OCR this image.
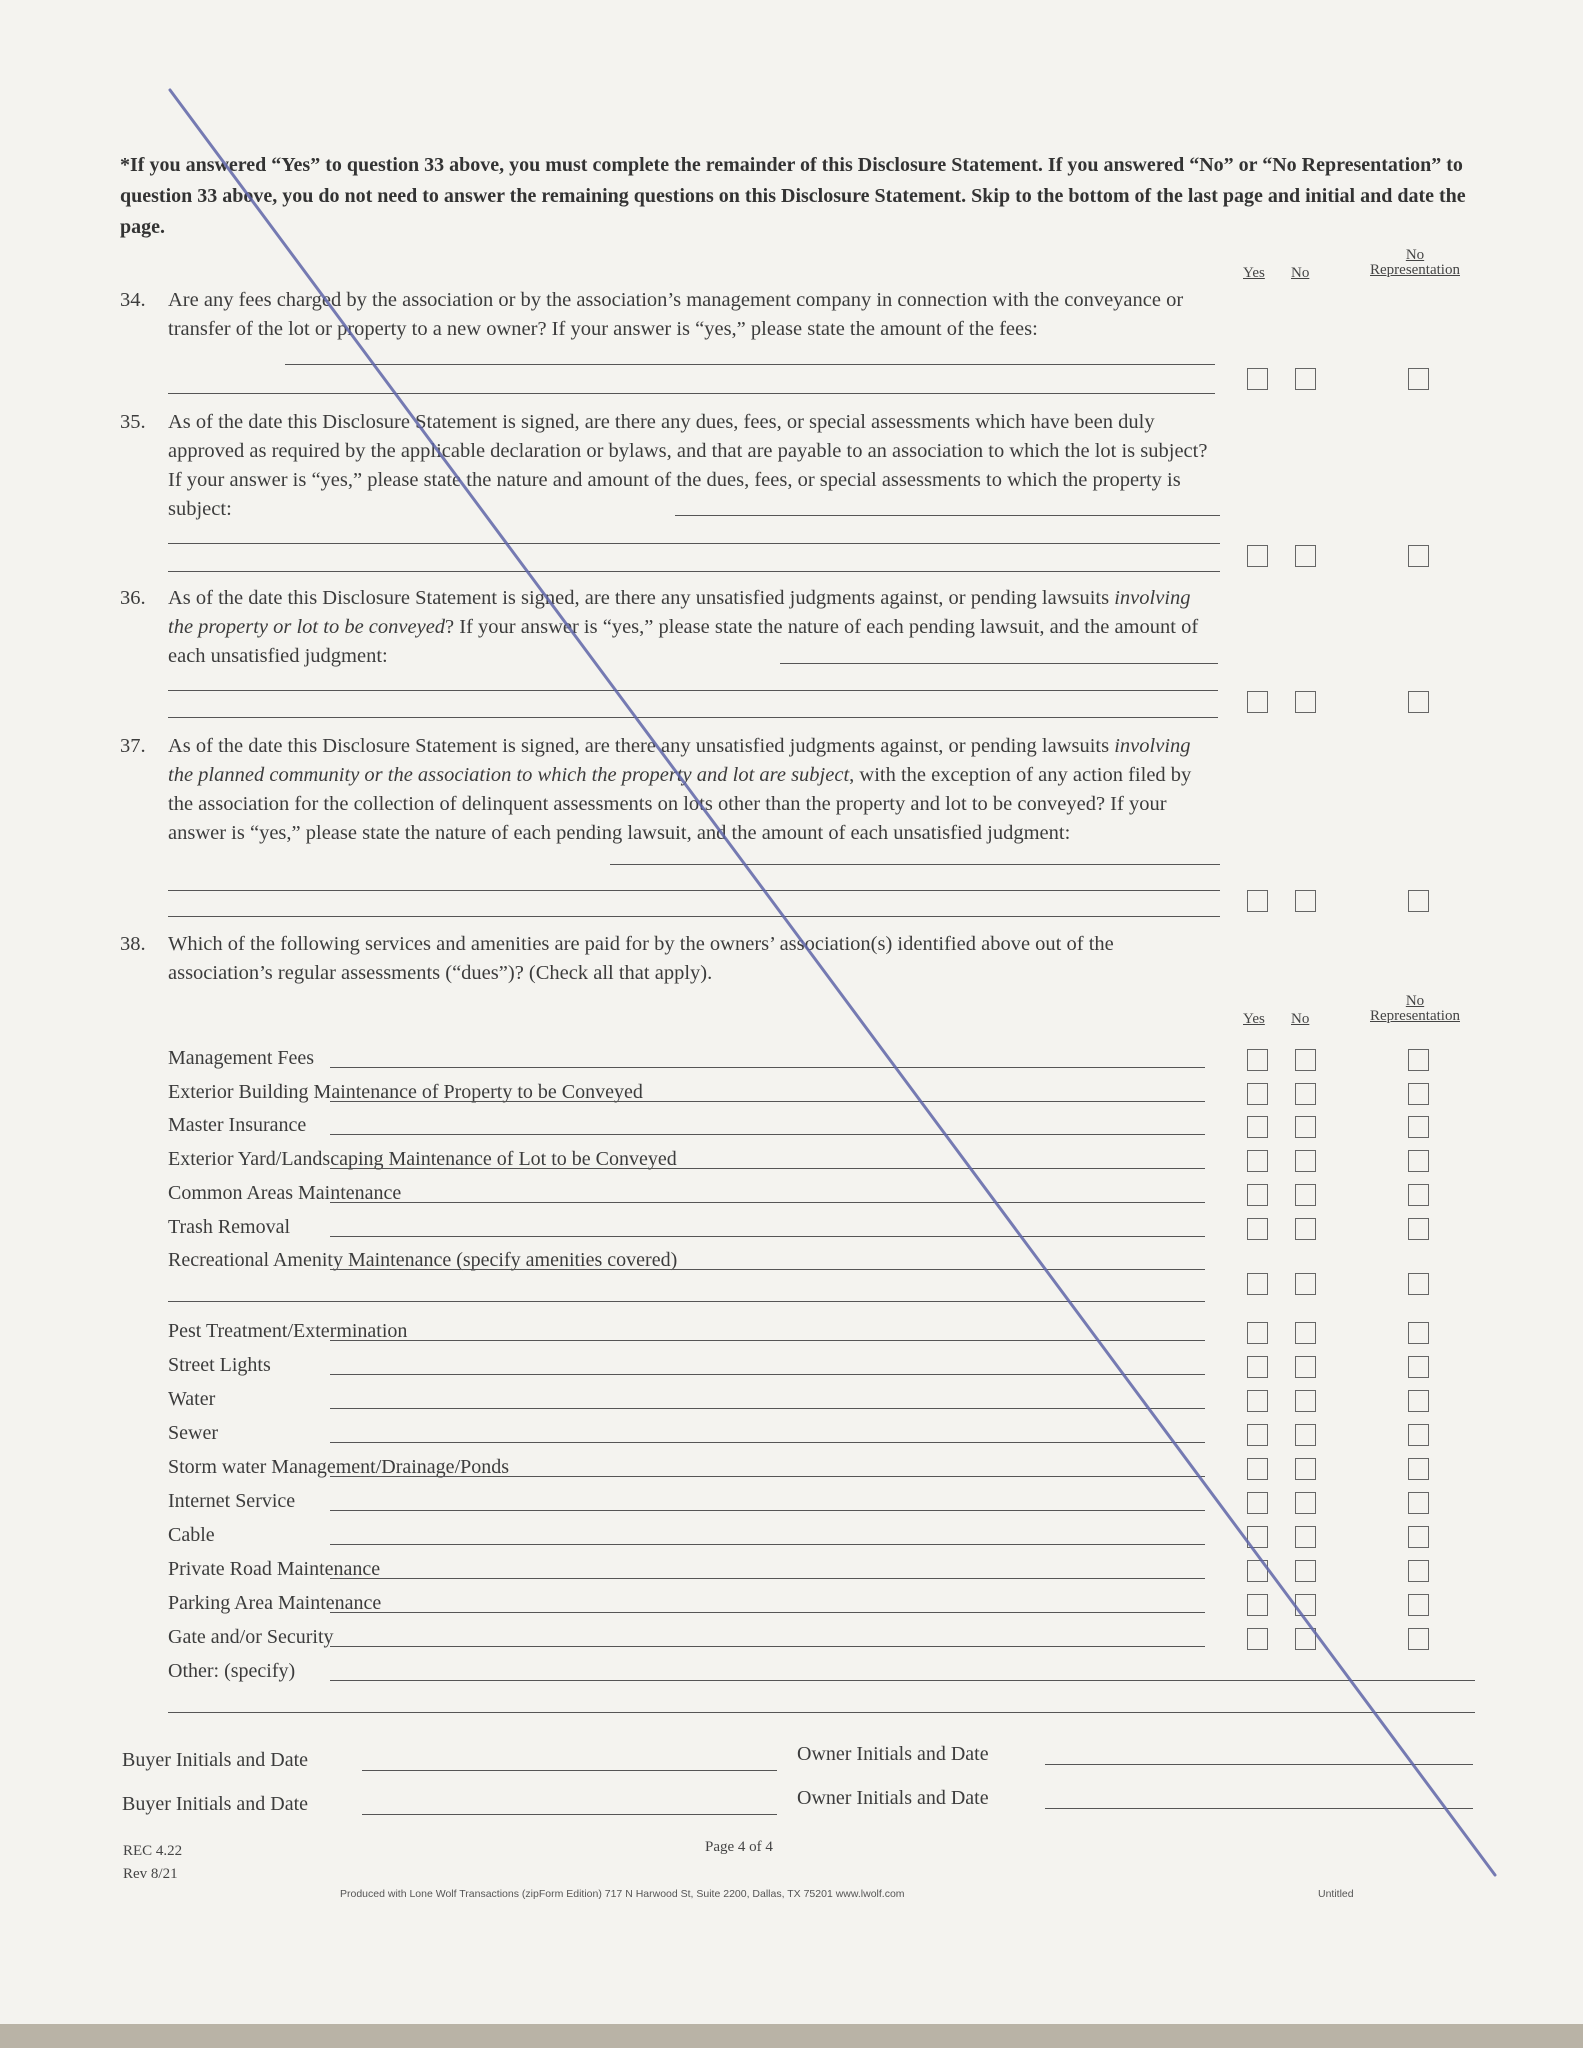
*If you answered “Yes” to question 33 above, you must complete the remainder of this Disclosure Statement. If you answered “No” or “No Representation” to question 33 above, you do not need to answer the remaining questions on this Disclosure Statement. Skip to the bottom of the last page and initial and date the page.
Yes No
No
Representation
34. Are any fees charged by the association or by the association’s management company in connection with the conveyance or transfer of the lot or property to a new owner? If your answer is “yes,” please state the amount of the fees:
35. As of the date this Disclosure Statement is signed, are there any dues, fees, or special assessments which have been duly approved as required by the applicable declaration or bylaws, and that are payable to an association to which the lot is subject? If your answer is “yes,” please state the nature and amount of the dues, fees, or special assessments to which the property is subject:
36. As of the date this Disclosure Statement is signed, are there any unsatisfied judgments against, or pending lawsuits involving the property or lot to be conveyed? If your answer is “yes,” please state the nature of each pending lawsuit, and the amount of each unsatisfied judgment:
37. As of the date this Disclosure Statement is signed, are there any unsatisfied judgments against, or pending lawsuits involving the planned community or the association to which the property and lot are subject, with the exception of any action filed by the association for the collection of delinquent assessments on lots other than the property and lot to be conveyed? If your answer is “yes,” please state the nature of each pending lawsuit, and the amount of each unsatisfied judgment:
38. Which of the following services and amenities are paid for by the owners’ association(s) identified above out of the association’s regular assessments (“dues”)? (Check all that apply).
Yes No
No
Representation
Management Fees
Exterior Building Maintenance of Property to be Conveyed
Master Insurance
Exterior Yard/Landscaping Maintenance of Lot to be Conveyed
Common Areas Maintenance
Trash Removal
Recreational Amenity Maintenance (specify amenities covered)
Pest Treatment/Extermination
Street Lights
Water
Sewer
Storm water Management/Drainage/Ponds
Internet Service
Cable
Private Road Maintenance
Parking Area Maintenance
Gate and/or Security
Other: (specify)
Buyer Initials and Date	Owner Initials and Date
Buyer Initials and Date	Owner Initials and Date
REC 4.22
Rev 8/21
Page 4 of 4
Produced with Lone Wolf Transactions (zipForm Edition) 717 N Harwood St, Suite 2200, Dallas, TX 75201 www.lwolf.com	Untitled
